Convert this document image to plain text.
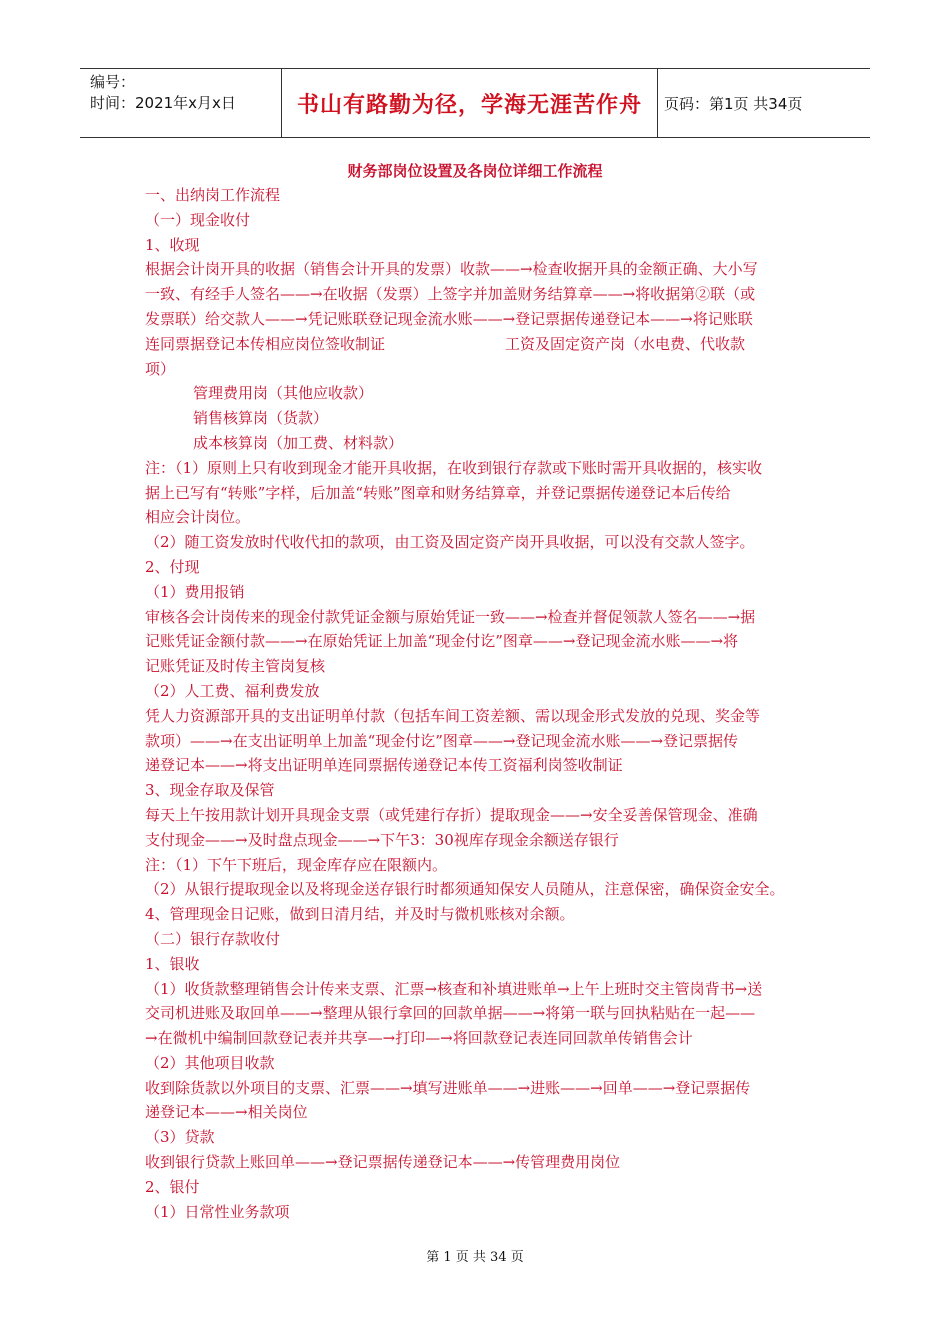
编号：
时间：2021年x月x日	书山有路勤为径，学海无涯苦作舟	页码：第1页 共34页
财务部岗位设置及各岗位详细工作流程

一、出纳岗工作流程

（一）现金收付

1、收现

根据会计岗开具的收据（销售会计开具的发票）收款——→检查收据开具的金额正确、大小写

一致、有经手人签名——→在收据（发票）上签字并加盖财务结算章——→将收据第②联（或

发票联）给交款人——→凭记账联登记现金流水账——→登记票据传递登记本——→将记账联

连同票据登记本传相应岗位签收制证　　　　　　　　工资及固定资产岗（水电费、代收款

项）

管理费用岗（其他应收款）

销售核算岗（货款）

成本核算岗（加工费、材料款）

注：（1）原则上只有收到现金才能开具收据，在收到银行存款或下账时需开具收据的，核实收

据上已写有“转账”字样，后加盖“转账”图章和财务结算章，并登记票据传递登记本后传给

相应会计岗位。

（2）随工资发放时代收代扣的款项，由工资及固定资产岗开具收据，可以没有交款人签字。

2、付现

（1）费用报销

审核各会计岗传来的现金付款凭证金额与原始凭证一致——→检查并督促领款人签名——→据

记账凭证金额付款——→在原始凭证上加盖“现金付讫”图章——→登记现金流水账——→将

记账凭证及时传主管岗复核

（2）人工费、福利费发放

凭人力资源部开具的支出证明单付款（包括车间工资差额、需以现金形式发放的兑现、奖金等

款项）——→在支出证明单上加盖“现金付讫”图章——→登记现金流水账——→登记票据传

递登记本——→将支出证明单连同票据传递登记本传工资福利岗签收制证

3、现金存取及保管

每天上午按用款计划开具现金支票（或凭建行存折）提取现金——→安全妥善保管现金、准确

支付现金——→及时盘点现金——→下午3：30视库存现金余额送存银行

注：（1）下午下班后，现金库存应在限额内。

（2）从银行提取现金以及将现金送存银行时都须通知保安人员随从，注意保密，确保资金安全。

4、管理现金日记账，做到日清月结，并及时与微机账核对余额。

（二）银行存款收付

1、银收

（1）收货款整理销售会计传来支票、汇票→核查和补填进账单→上午上班时交主管岗背书→送

交司机进账及取回单——→整理从银行拿回的回款单据——→将第一联与回执粘贴在一起——

→在微机中编制回款登记表并共享—→打印—→将回款登记表连同回款单传销售会计

（2）其他项目收款

收到除货款以外项目的支票、汇票——→填写进账单——→进账——→回单——→登记票据传

递登记本——→相关岗位

（3）贷款

收到银行贷款上账回单——→登记票据传递登记本——→传管理费用岗位

2、银付

（1）日常性业务款项

第 1 页 共 34 页
